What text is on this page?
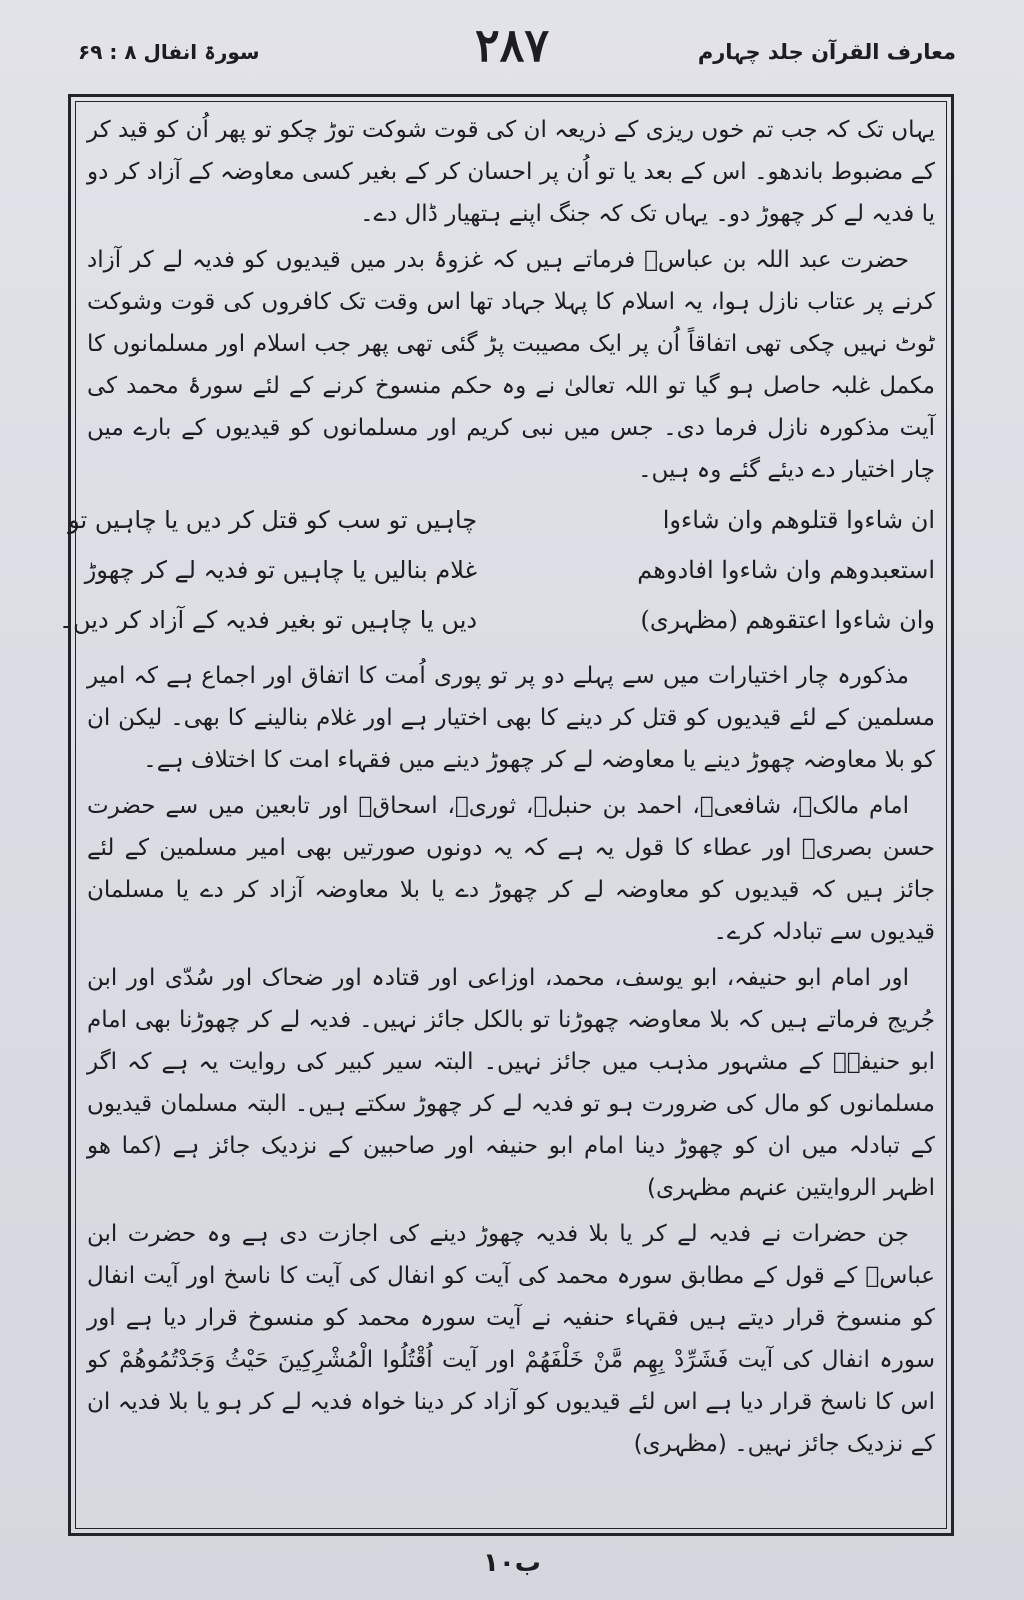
معارف القرآن جلد چہارم
۲۸۷
سورۃ انفال ۸ : ۶۹

یہاں تک کہ جب تم خوں ریزی کے ذریعہ ان کی قوت شوکت توڑ چکو تو پھر اُن کو قید کر کے مضبوط باندھو۔ اس کے بعد یا تو اُن پر احسان کر کے بغیر کسی معاوضہ کے آزاد کر دو یا فدیہ لے کر چھوڑ دو۔ یہاں تک کہ جنگ اپنے ہتھیار ڈال دے۔

حضرت عبد اللہ بن عباسؓ فرماتے ہیں کہ غزوۂ بدر میں قیدیوں کو فدیہ لے کر آزاد کرنے پر عتاب نازل ہوا، یہ اسلام کا پہلا جہاد تھا اس وقت تک کافروں کی قوت وشوکت ٹوٹ نہیں چکی تھی اتفاقاً اُن پر ایک مصیبت پڑ گئی تھی پھر جب اسلام اور مسلمانوں کا مکمل غلبہ حاصل ہو گیا تو اللہ تعالیٰ نے وہ حکم منسوخ کرنے کے لئے سورۂ محمد کی آیت مذکورہ نازل فرما دی۔ جس میں نبی کریم اور مسلمانوں کو قیدیوں کے بارے میں چار اختیار دے دیئے گئے وہ ہیں۔

ان شاءوا قتلوھم وان شاءوا
استعبدوھم وان شاءوا افادوھم
وان شاءوا اعتقوھم (مظہری)
چاہیں تو سب کو قتل کر دیں یا چاہیں تو
غلام بنالیں یا چاہیں تو فدیہ لے کر چھوڑ
دیں یا چاہیں تو بغیر فدیہ کے آزاد کر دیں۔

مذکورہ چار اختیارات میں سے پہلے دو پر تو پوری اُمت کا اتفاق اور اجماع ہے کہ امیر مسلمین کے لئے قیدیوں کو قتل کر دینے کا بھی اختیار ہے اور غلام بنالینے کا بھی۔ لیکن ان کو بلا معاوضہ چھوڑ دینے یا معاوضہ لے کر چھوڑ دینے میں فقہاء امت کا اختلاف ہے۔

امام مالکؒ، شافعیؒ، احمد بن حنبلؒ، ثوریؒ، اسحاقؒ اور تابعین میں سے حضرت حسن بصریؒ اور عطاء کا قول یہ ہے کہ یہ دونوں صورتیں بھی امیر مسلمین کے لئے جائز ہیں کہ قیدیوں کو معاوضہ لے کر چھوڑ دے یا بلا معاوضہ آزاد کر دے یا مسلمان قیدیوں سے تبادلہ کرے۔

اور امام ابو حنیفہ، ابو یوسف، محمد، اوزاعی اور قتادہ اور ضحاک اور سُدّی اور ابن جُریج فرماتے ہیں کہ بلا معاوضہ چھوڑنا تو بالکل جائز نہیں۔ فدیہ لے کر چھوڑنا بھی امام ابو حنیفہؒ کے مشہور مذہب میں جائز نہیں۔ البتہ سیر کبیر کی روایت یہ ہے کہ اگر مسلمانوں کو مال کی ضرورت ہو تو فدیہ لے کر چھوڑ سکتے ہیں۔ البتہ مسلمان قیدیوں کے تبادلہ میں ان کو چھوڑ دینا امام ابو حنیفہ اور صاحبین کے نزدیک جائز ہے (کما ھو اظہر الروایتین عنہم مظہری)

جن حضرات نے فدیہ لے کر یا بلا فدیہ چھوڑ دینے کی اجازت دی ہے وہ حضرت ابن عباسؓ کے قول کے مطابق سورہ محمد کی آیت کو انفال کی آیت کا ناسخ اور آیت انفال کو منسوخ قرار دیتے ہیں فقہاء حنفیہ نے آیت سورہ محمد کو منسوخ قرار دیا ہے اور سورہ انفال کی آیت فَشَرِّدْ بِهِم مَّنْ خَلْفَهُمْ اور آیت اُقْتُلُوا الْمُشْرِكِينَ حَيْثُ وَجَدْتُمُوهُمْ کو اس کا ناسخ قرار دیا ہے اس لئے قیدیوں کو آزاد کر دینا خواہ فدیہ لے کر ہو یا بلا فدیہ ان کے نزدیک جائز نہیں۔ (مظہری)

۱۰ب
